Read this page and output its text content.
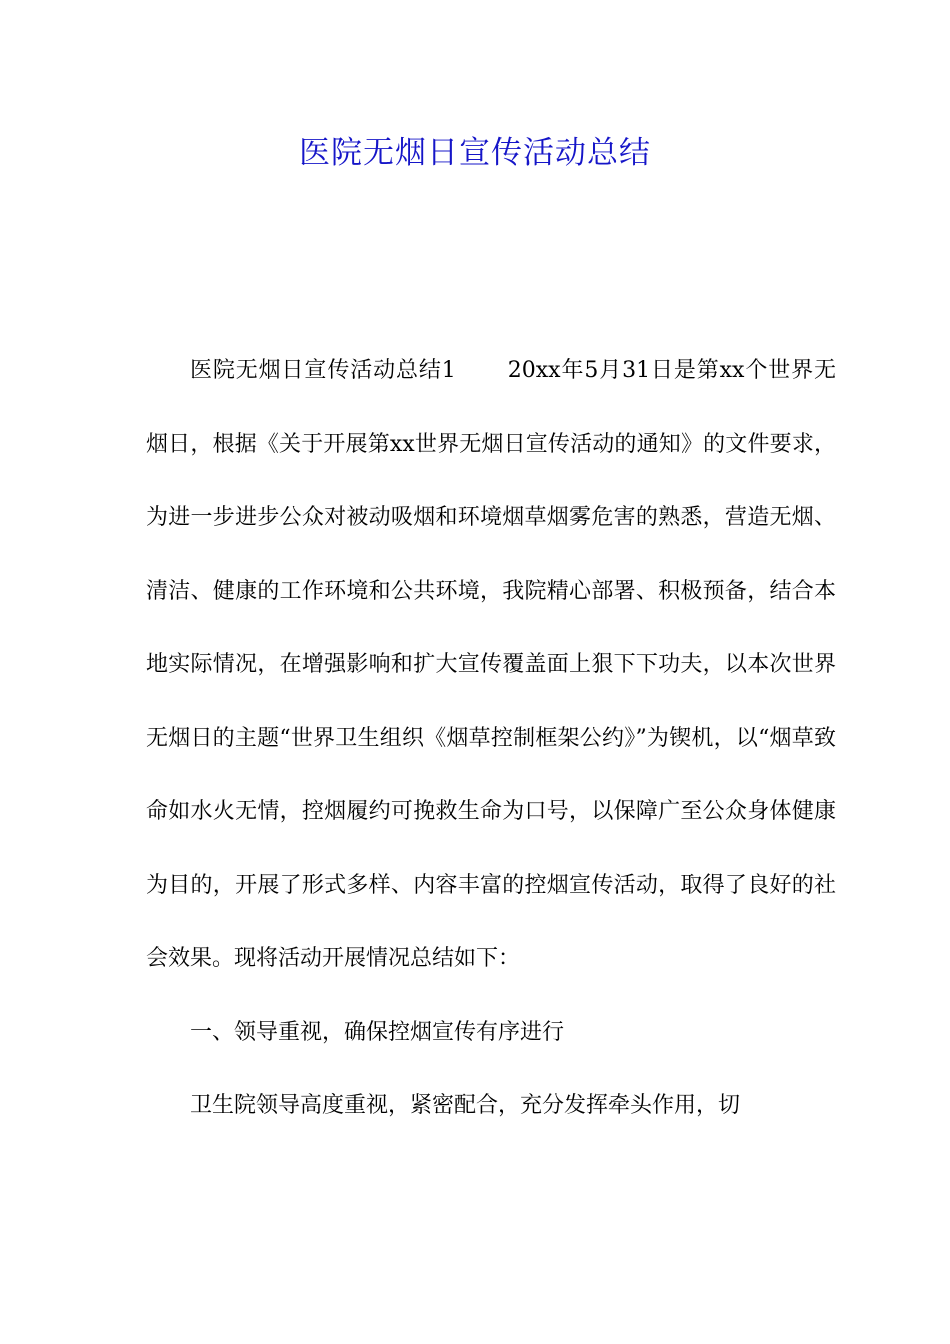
医院无烟日宣传活动总结

医院无烟日宣传活动总结1 20xx年5月31日是第xx个世界无烟日，根据《关于开展第xx世界无烟日宣传活动的通知》的文件要求，为进一步进步公众对被动吸烟和环境烟草烟雾危害的熟悉，营造无烟、清洁、健康的工作环境和公共环境，我院精心部署、积极预备，结合本地实际情况，在增强影响和扩大宣传覆盖面上狠下下功夫，以本次世界无烟日的主题“世界卫生组织《烟草控制框架公约》”为锲机，以“烟草致命如水火无情，控烟履约可挽救生命为口号，以保障广至公众身体健康为目的，开展了形式多样、内容丰富的控烟宣传活动，取得了良好的社会效果。现将活动开展情况总结如下：

一、领导重视，确保控烟宣传有序进行

卫生院领导高度重视，紧密配合，充分发挥牵头作用，切
